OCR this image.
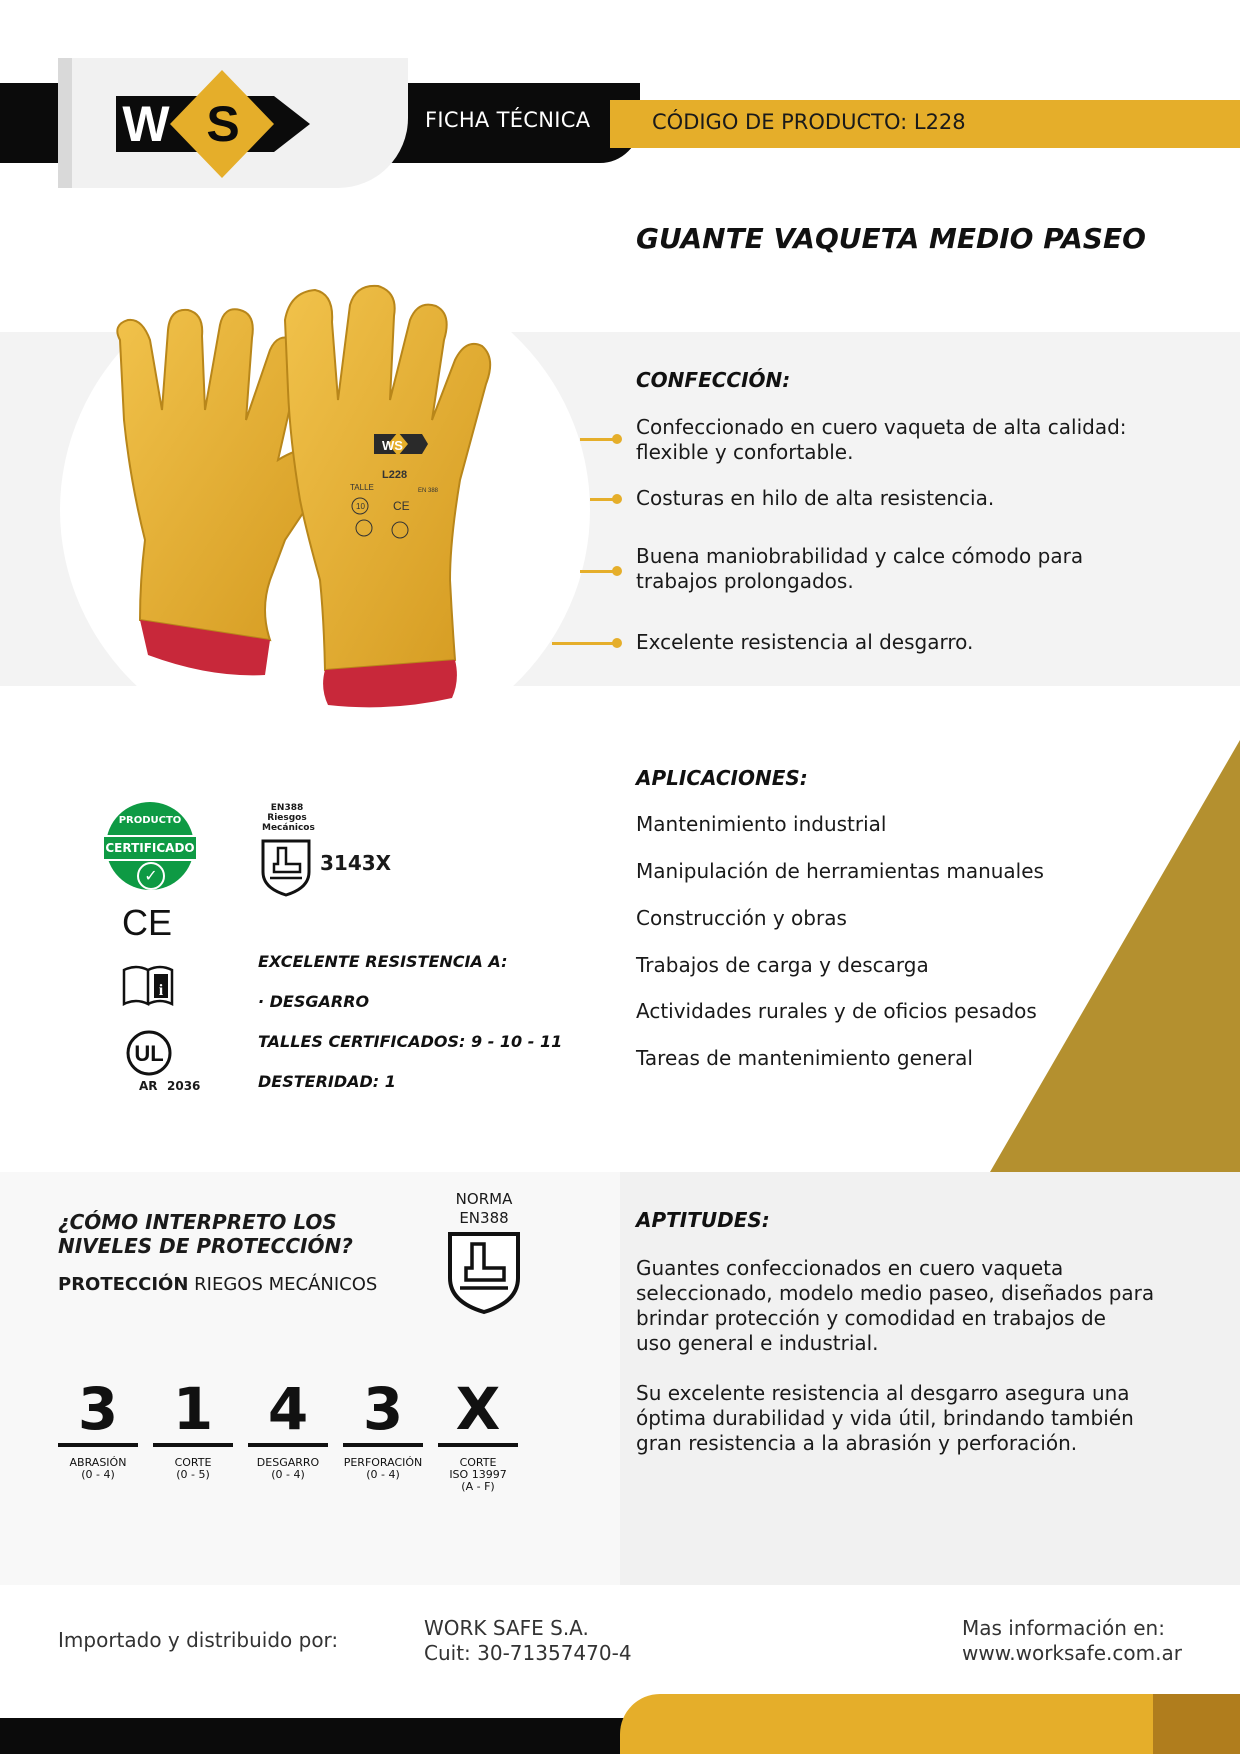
W S	FICHA TÉCNICA	CÓDIGO DE PRODUCTO: L228
GUANTE VAQUETA MEDIO PASEO
WS
L228
TALLE
10 CE
EN 388
CONFECCIÓN:
Confeccionado en cuero vaqueta de alta calidad:
flexible y confortable.
Costuras en hilo de alta resistencia.
Buena maniobrabilidad y calce cómodo para
trabajos prolongados.
Excelente resistencia al desgarro.
APLICACIONES:
Mantenimiento industrial
Manipulación de herramientas manuales
Construcción y obras
Trabajos de carga y descarga
Actividades rurales y de oficios pesados
Tareas de mantenimiento general
PRODUCTO
CERTIFICADO
✓
CE
i
UL
AR 2036
EN388
Riesgos
Mecánicos
3143X
EXCELENTE RESISTENCIA A:
· DESGARRO
TALLES CERTIFICADOS: 9 - 10 - 11
DESTERIDAD: 1
¿CÓMO INTERPRETO LOS
NIVELES DE PROTECCIÓN?
PROTECCIÓN RIEGOS MECÁNICOS
NORMA
EN388
3
ABRASIÓN
(0 - 4)
1
CORTE
(0 - 5)
4
DESGARRO
(0 - 4)
3
PERFORACIÓN
(0 - 4)
X
CORTE
ISO 13997
(A - F)
APTITUDES:
Guantes confeccionados en cuero vaqueta
seleccionado, modelo medio paseo, diseñados para
brindar protección y comodidad en trabajos de
uso general e industrial.
Su excelente resistencia al desgarro asegura una
óptima durabilidad y vida útil, brindando también
gran resistencia a la abrasión y perforación.
Importado y distribuido por:	WORK SAFE S.A.
Cuit: 30-71357470-4
Mas información en:
www.worksafe.com.ar
